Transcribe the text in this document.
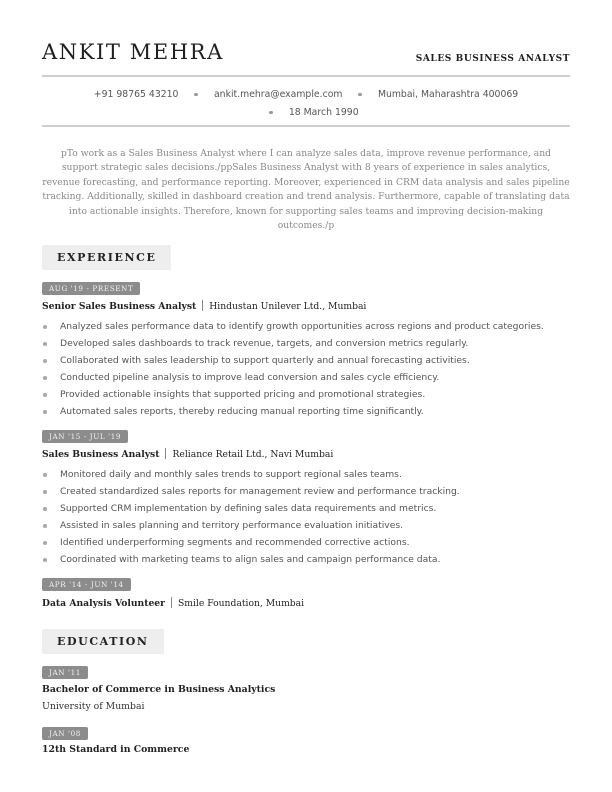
ANKIT MEHRA	SALES BUSINESS ANALYST
+91 98765 43210	ankit.mehra@example.com	Mumbai, Maharashtra 400069
18 March 1990
pTo work as a Sales Business Analyst where I can analyze sales data, improve revenue performance, and support strategic sales decisions./ppSales Business Analyst with 8 years of experience in sales analytics, revenue forecasting, and performance reporting. Moreover, experienced in CRM data analysis and sales pipeline tracking. Additionally, skilled in dashboard creation and trend analysis. Furthermore, capable of translating data into actionable insights. Therefore, known for supporting sales teams and improving decision-making outcomes./p
EXPERIENCE
AUG '19 - PRESENT
Senior Sales Business Analyst Hindustan Unilever Ltd., Mumbai
Analyzed sales performance data to identify growth opportunities across regions and product categories.
Developed sales dashboards to track revenue, targets, and conversion metrics regularly.
Collaborated with sales leadership to support quarterly and annual forecasting activities.
Conducted pipeline analysis to improve lead conversion and sales cycle efficiency.
Provided actionable insights that supported pricing and promotional strategies.
Automated sales reports, thereby reducing manual reporting time significantly.
JAN '15 - JUL '19
Sales Business Analyst Reliance Retail Ltd., Navi Mumbai
Monitored daily and monthly sales trends to support regional sales teams.
Created standardized sales reports for management review and performance tracking.
Supported CRM implementation by defining sales data requirements and metrics.
Assisted in sales planning and territory performance evaluation initiatives.
Identified underperforming segments and recommended corrective actions.
Coordinated with marketing teams to align sales and campaign performance data.
APR '14 - JUN '14
Data Analysis Volunteer Smile Foundation, Mumbai
EDUCATION
JAN '11
Bachelor of Commerce in Business Analytics
University of Mumbai
JAN '08
12th Standard in Commerce
